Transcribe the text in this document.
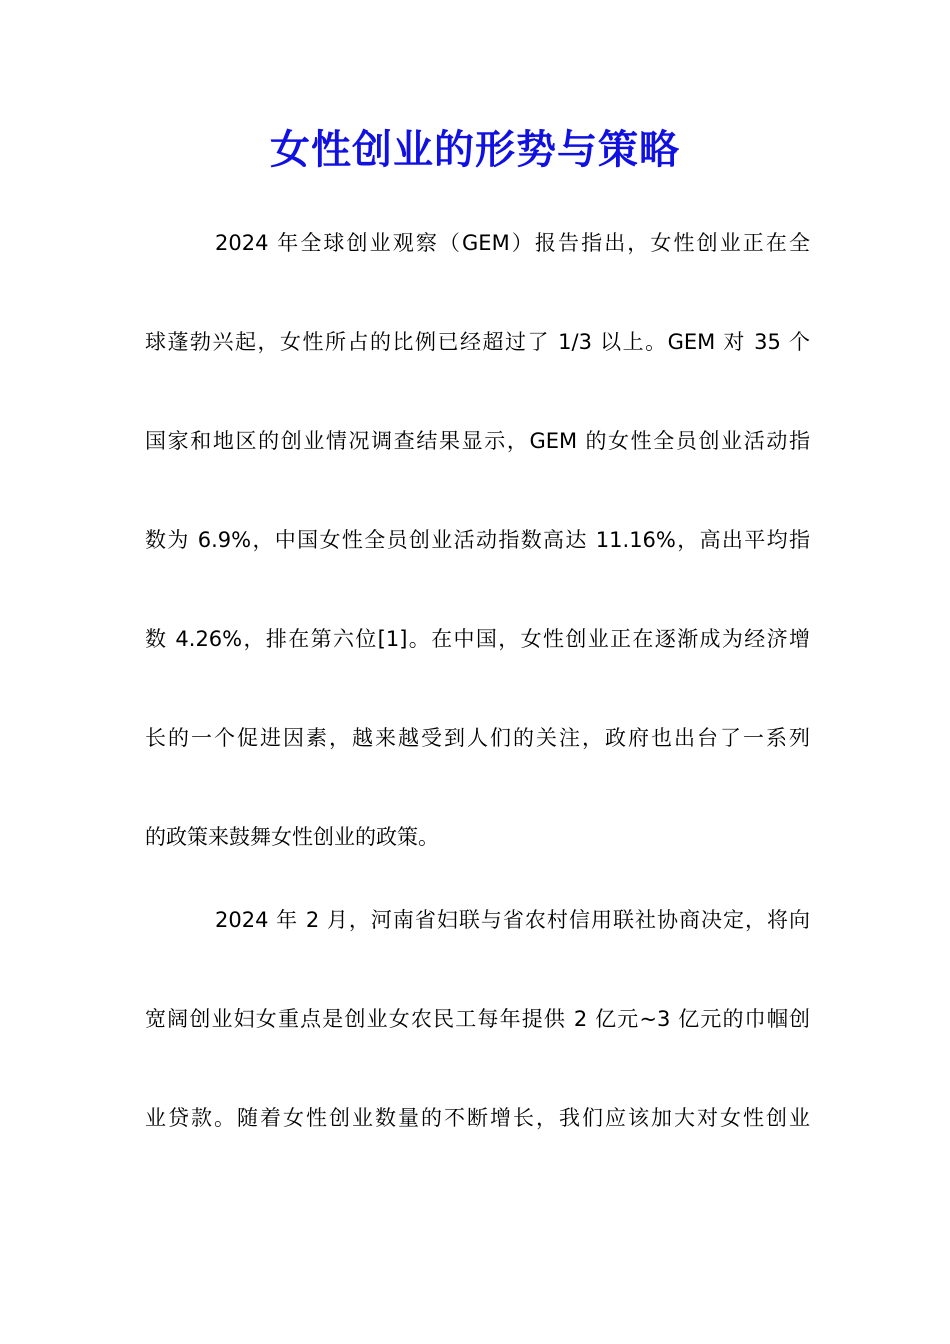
女性创业的形势与策略
2024 年全球创业观察（GEM）报告指出，女性创业正在全
球蓬勃兴起，女性所占的比例已经超过了 1/3 以上。GEM 对 35 个
国家和地区的创业情况调查结果显示，GEM 的女性全员创业活动指
数为 6.9%，中国女性全员创业活动指数高达 11.16%，高出平均指
数 4.26%，排在第六位[1]。在中国，女性创业正在逐渐成为经济增
长的一个促进因素，越来越受到人们的关注，政府也出台了一系列
的政策来鼓舞女性创业的政策。
2024 年 2 月，河南省妇联与省农村信用联社协商决定，将向
宽阔创业妇女重点是创业女农民工每年提供 2 亿元~3 亿元的巾帼创
业贷款。随着女性创业数量的不断增长，我们应该加大对女性创业
